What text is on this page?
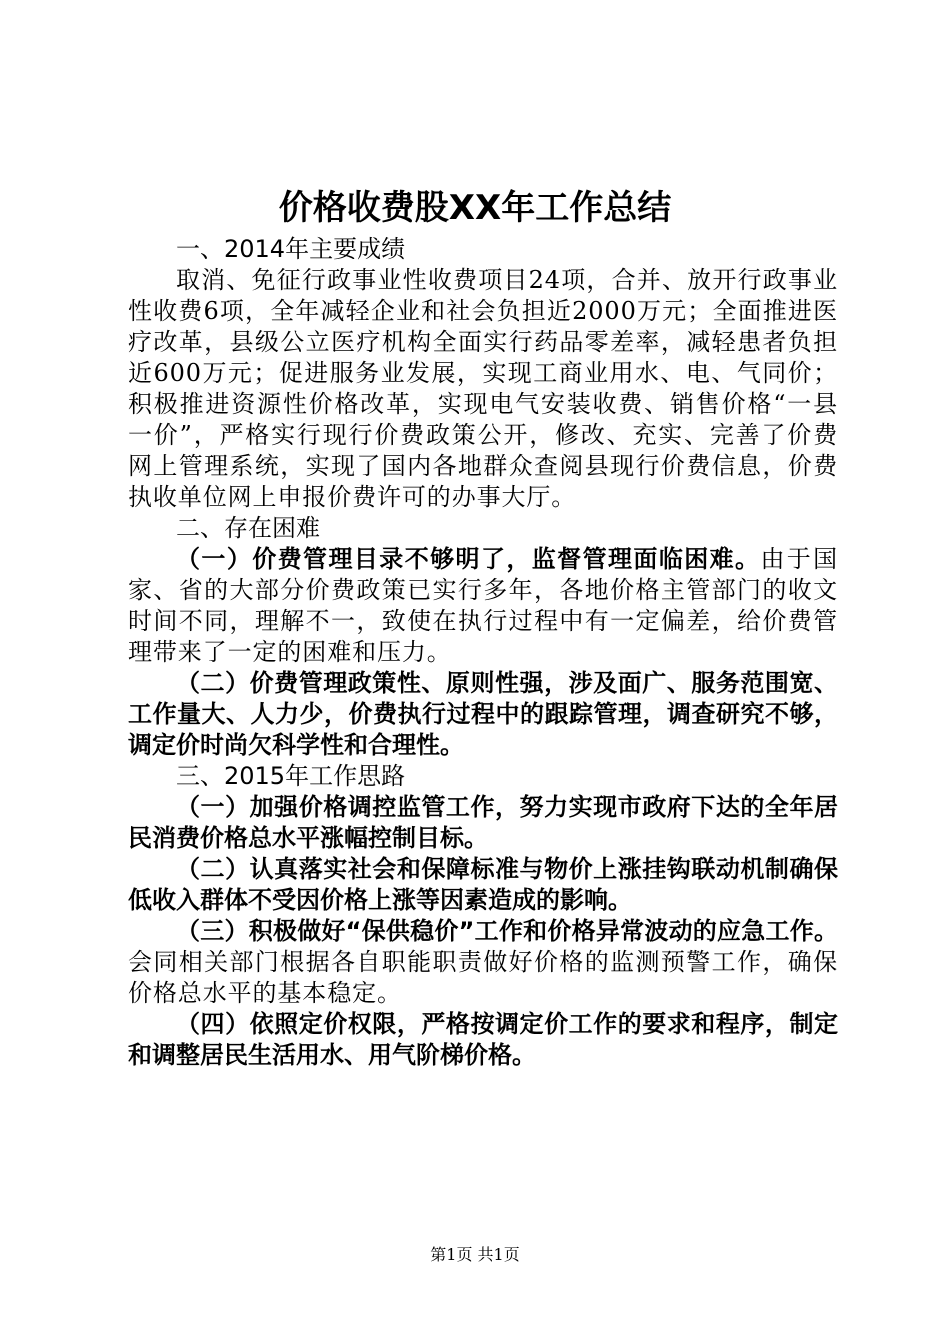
价格收费股XX年工作总结

一、2014年主要成绩

取消、免征行政事业性收费项目24项，合并、放开行政事业性收费6项，全年减轻企业和社会负担近2000万元；全面推进医疗改革，县级公立医疗机构全面实行药品零差率，减轻患者负担近600万元；促进服务业发展，实现工商业用水、电、气同价；积极推进资源性价格改革，实现电气安装收费、销售价格“一县一价”，严格实行现行价费政策公开，修改、充实、完善了价费网上管理系统，实现了国内各地群众查阅县现行价费信息，价费执收单位网上申报价费许可的办事大厅。

二、存在困难

（一）价费管理目录不够明了，监督管理面临困难。由于国家、省的大部分价费政策已实行多年，各地价格主管部门的收文时间不同，理解不一，致使在执行过程中有一定偏差，给价费管理带来了一定的困难和压力。

（二）价费管理政策性、原则性强，涉及面广、服务范围宽、工作量大、人力少，价费执行过程中的跟踪管理，调查研究不够，调定价时尚欠科学性和合理性。

三、2015年工作思路

（一）加强价格调控监管工作，努力实现市政府下达的全年居民消费价格总水平涨幅控制目标。

（二）认真落实社会和保障标准与物价上涨挂钩联动机制确保低收入群体不受因价格上涨等因素造成的影响。

（三）积极做好“保供稳价”工作和价格异常波动的应急工作。会同相关部门根据各自职能职责做好价格的监测预警工作，确保价格总水平的基本稳定。

（四）依照定价权限，严格按调定价工作的要求和程序，制定和调整居民生活用水、用气阶梯价格。

第1页 共1页
